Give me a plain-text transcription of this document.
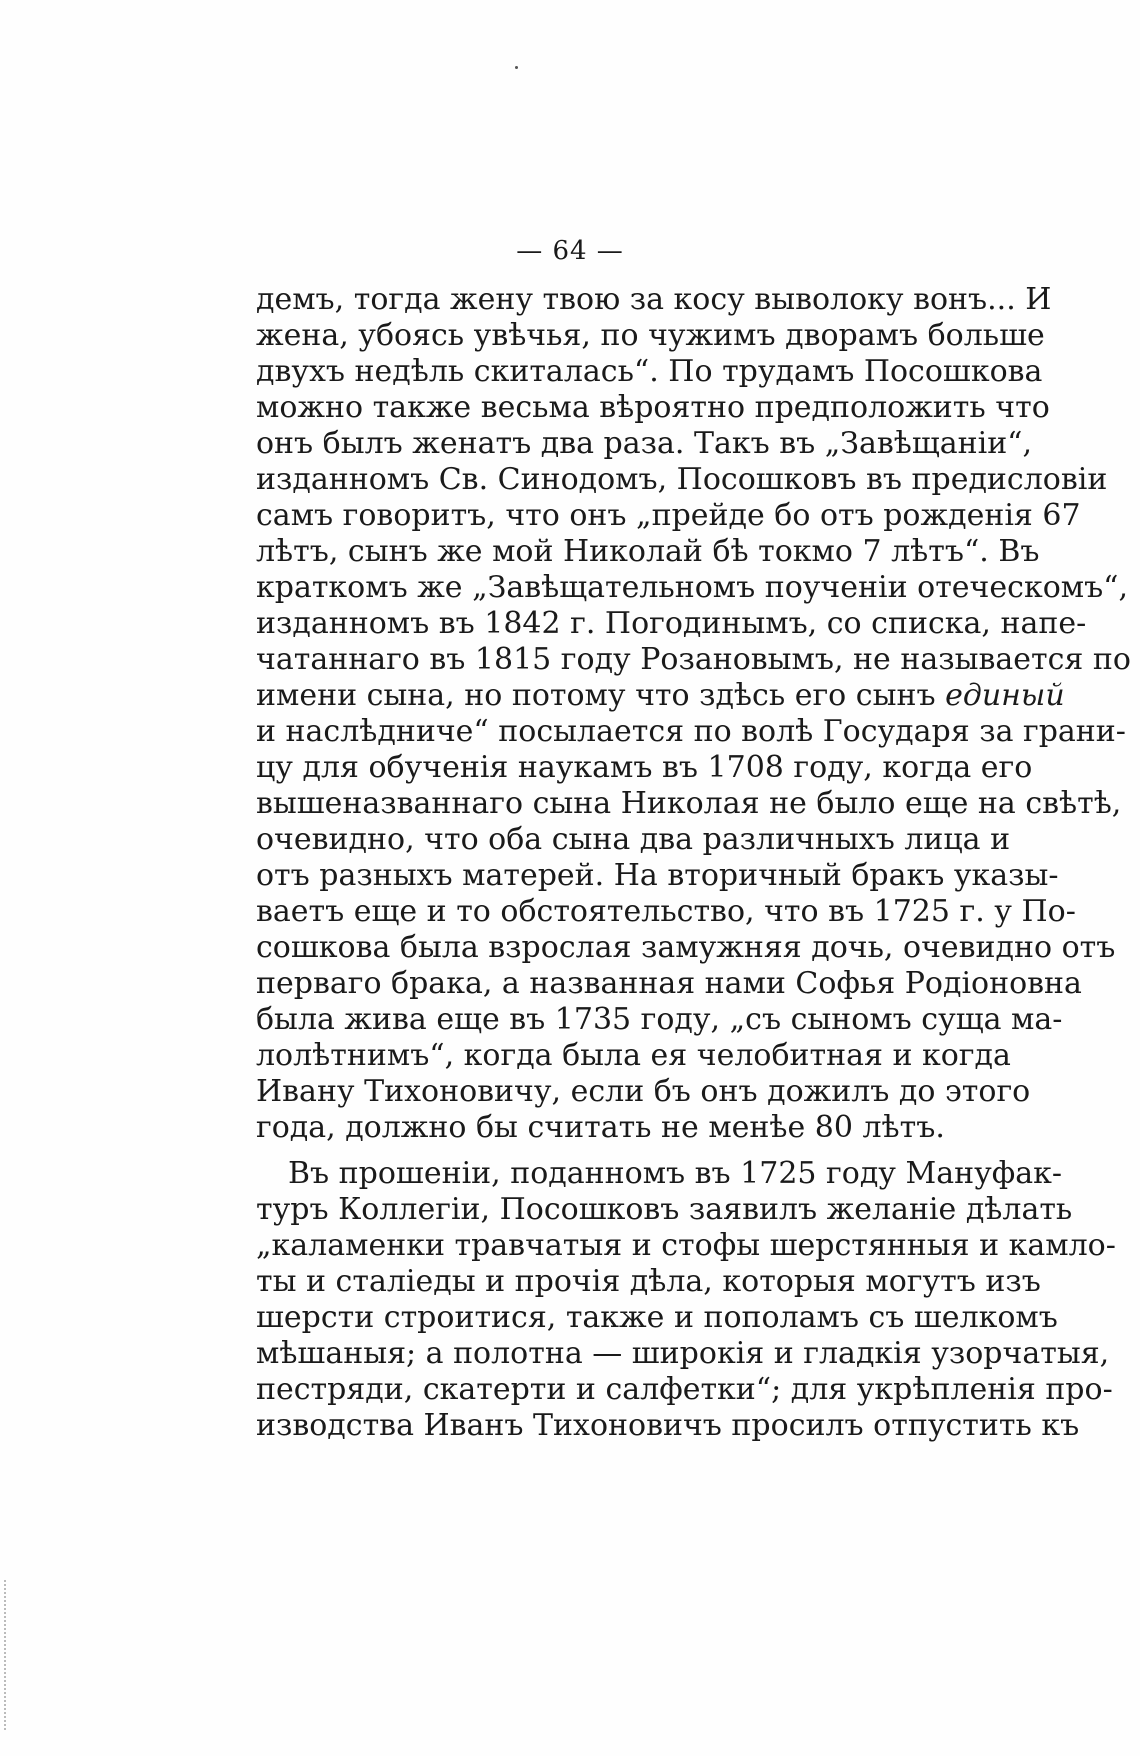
— 64 —
демъ, тогда жену твою за косу выволоку вонъ... И
жена, убоясь увѣчья, по чужимъ дворамъ больше
двухъ недѣль скиталась“. По трудамъ Посошкова
можно также весьма вѣроятно предположить что
онъ былъ женатъ два раза. Такъ въ „Завѣщаніи“,
изданномъ Св. Синодомъ, Посошковъ въ предисловіи
самъ говоритъ, что онъ „прейде бо отъ рожденія 67
лѣтъ, сынъ же мой Николай бѣ токмо 7 лѣтъ“. Въ
краткомъ же „Завѣщательномъ поученіи отеческомъ“,
изданномъ въ 1842 г. Погодинымъ, со списка, напе-
чатаннаго въ 1815 году Розановымъ, не называется по
имени сына, но потому что здѣсь его сынъ единый
и наслѣдниче“ посылается по волѣ Государя за грани-
цу для обученія наукамъ въ 1708 году, когда его
вышеназваннаго сына Николая не было еще на свѣтѣ,
очевидно, что оба сына два различныхъ лица и
отъ разныхъ матерей. На вторичный бракъ указы-
ваетъ еще и то обстоятельство, что въ 1725 г. у По-
сошкова была взрослая замужняя дочь, очевидно отъ
перваго брака, а названная нами Софья Родіоновна
была жива еще въ 1735 году, „съ сыномъ суща ма-
лолѣтнимъ“, когда была ея челобитная и когда
Ивану Тихоновичу, если бъ онъ дожилъ до этого
года, должно бы считать не менѣе 80 лѣтъ.
Въ прошеніи, поданномъ въ 1725 году Мануфак-
туръ Коллегіи, Посошковъ заявилъ желаніе дѣлать
„каламенки травчатыя и стофы шерстянныя и камло-
ты и сталіеды и прочія дѣла, которыя могутъ изъ
шерсти строитися, также и пополамъ съ шелкомъ
мѣшаныя; а полотна — широкія и гладкія узорчатыя,
пестряди, скатерти и салфетки“; для укрѣпленія про-
изводства Иванъ Тихоновичъ просилъ отпустить къ
